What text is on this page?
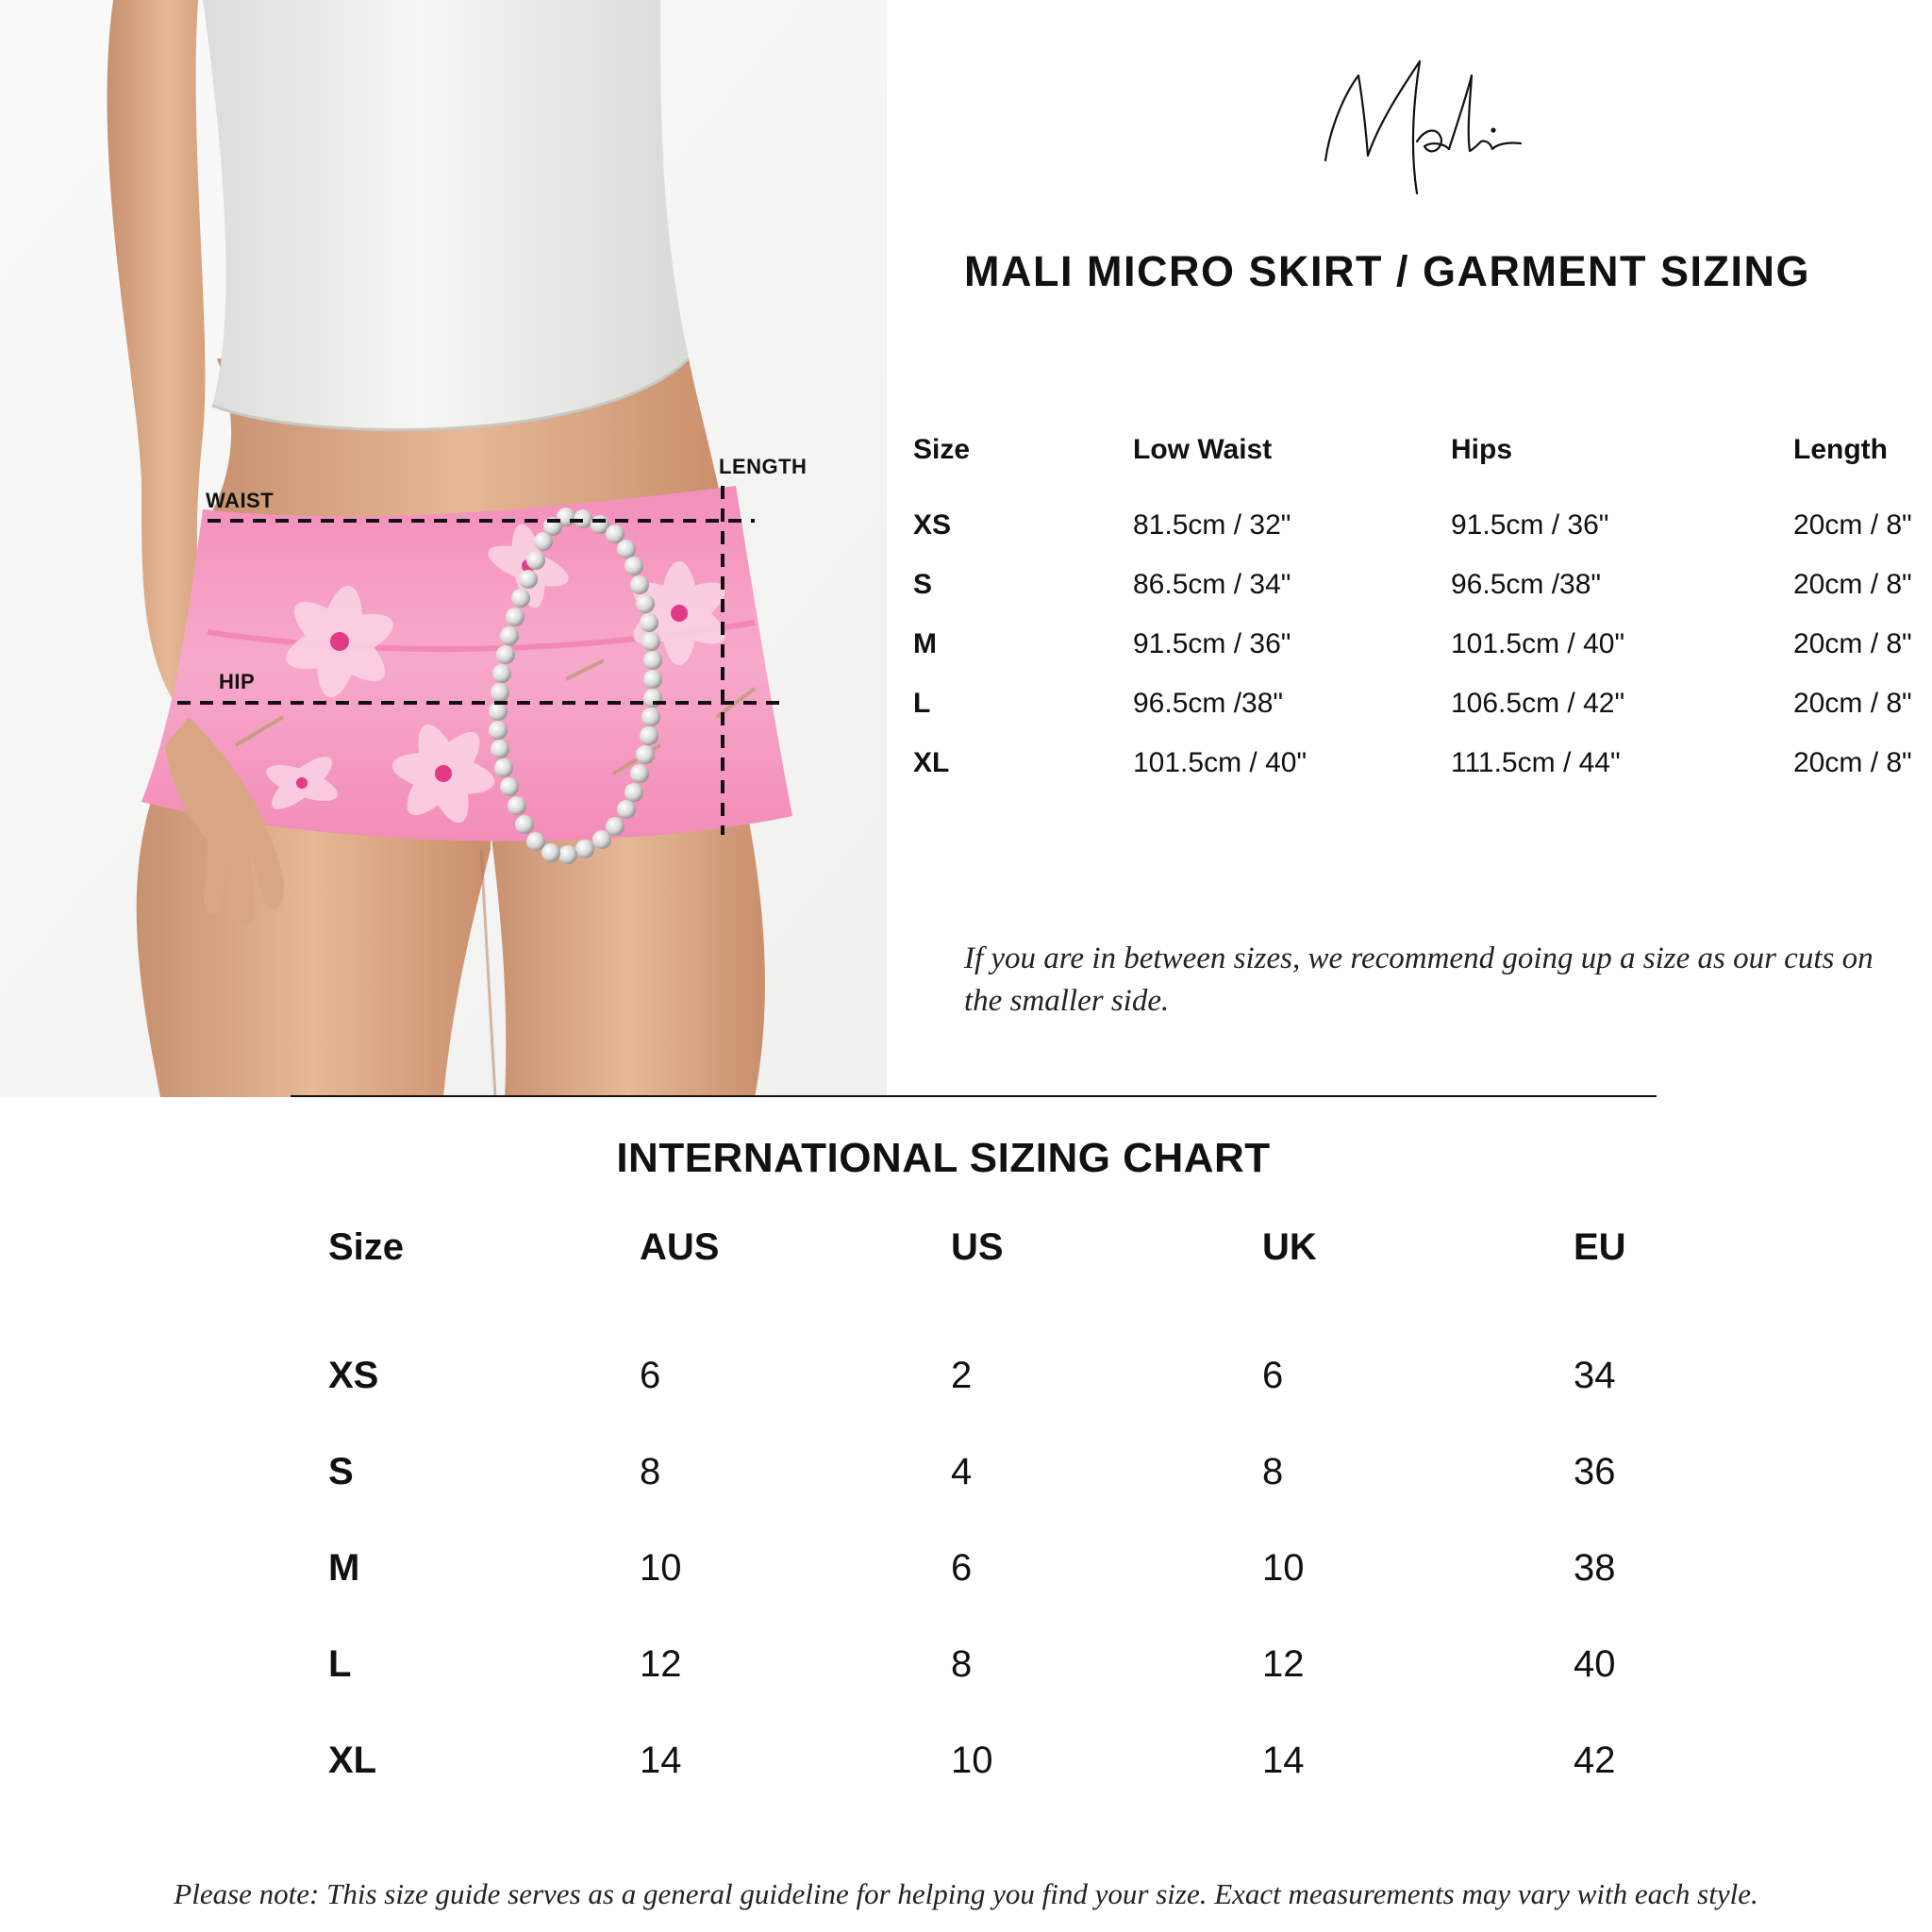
WAIST
HIP
LENGTH
MALI MICRO SKIRT / GARMENT SIZING
Size	Low Waist	Hips	Length
XS	81.5cm / 32"	91.5cm / 36"	20cm / 8"
S	86.5cm / 34"	96.5cm /38"	20cm / 8"
M	91.5cm / 36"	101.5cm / 40"	20cm / 8"
L	96.5cm /38"	106.5cm / 42"	20cm / 8"
XL	101.5cm / 40"	111.5cm / 44"	20cm / 8"
If you are in between sizes, we recommend going up a size as our cuts on the smaller side.
INTERNATIONAL SIZING CHART
Size	AUS	US	UK	EU
XS	6	2	6	34
S	8	4	8	36
M	10	6	10	38
L	12	8	12	40
XL	14	10	14	42
Please note: This size guide serves as a general guideline for helping you find your size. Exact measurements may vary with each style.
